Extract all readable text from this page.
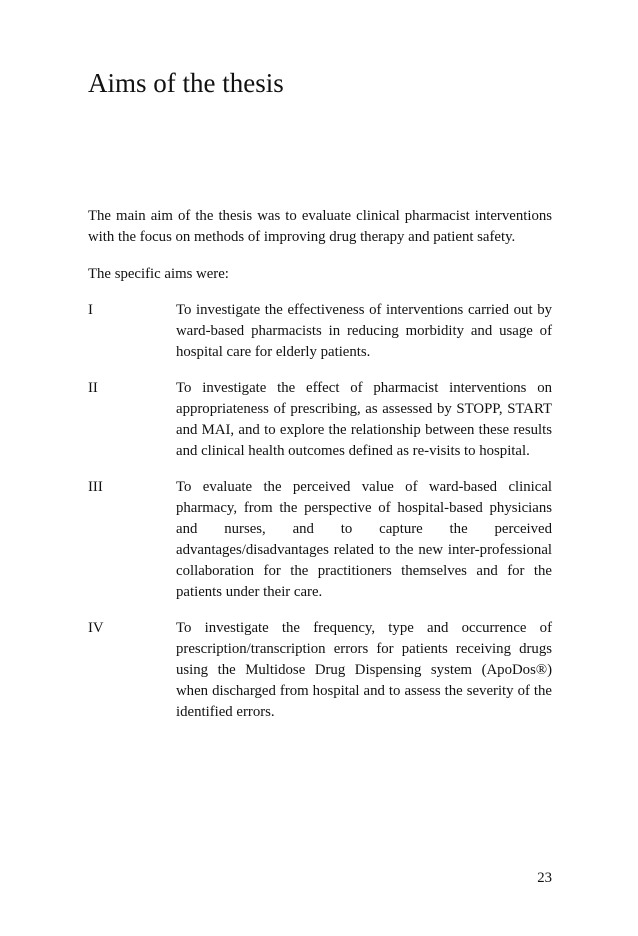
Aims of the thesis

The main aim of the thesis was to evaluate clinical pharmacist interventions with the focus on methods of improving drug therapy and patient safety.

The specific aims were:

I	To investigate the effectiveness of interventions carried out by ward-based pharmacists in reducing morbidity and usage of hospital care for elderly patients.
II	To investigate the effect of pharmacist interventions on appropriateness of prescribing, as assessed by STOPP, START and MAI, and to explore the relationship between these results and clinical health outcomes defined as re-visits to hospital.
III	To evaluate the perceived value of ward-based clinical pharmacy, from the perspective of hospital-based physicians and nurses, and to capture the perceived advantages/disadvantages related to the new inter-professional collaboration for the practitioners themselves and for the patients under their care.
IV	To investigate the frequency, type and occurrence of prescription/transcription errors for patients receiving drugs using the Multidose Drug Dispensing system (ApoDos®) when discharged from hospital and to assess the severity of the identified errors.

23
